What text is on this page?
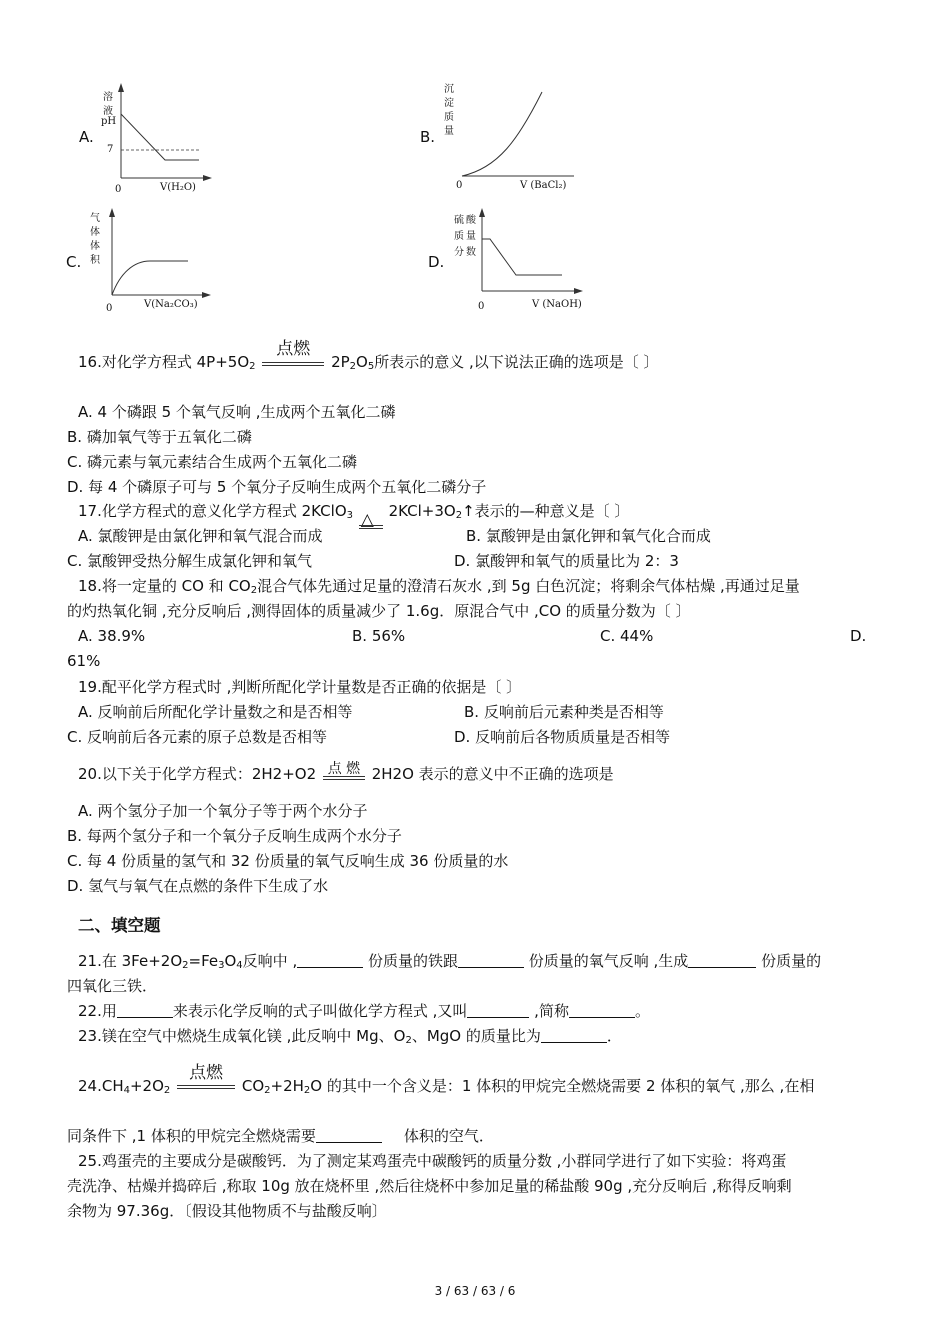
A.
溶
液
pH
7
0	V(H₂O)
B.
沉
淀
质
量
0	V (BaCl₂)
C.
气
体
体
积
0	V(Na₂CO₃)
D.
硫 酸
质 量
分 数
0	V (NaOH)
16.对化学方程式 $4P+5O_2$
点燃
$2P_2O_5$所表示的意义 ,以下说法正确的选项是〔 〕
A. 4 个磷跟 5 个氧气反响 ,生成两个五氧化二磷
B. 磷加氧气等于五氧化二磷
C. 磷元素与氧元素结合生成两个五氧化二磷
D. 每 4 个磷原子可与 5 个氧分子反响生成两个五氧化二磷分子
17.化学方程式的意义化学方程式 2KClO$_3$ △ $2KCl+3O_2↑$表示的—种意义是〔 〕
A. 氯酸钾是由氯化钾和氧气混合而成	B. 氯酸钾是由氯化钾和氧气化合而成
C. 氯酸钾受热分解生成氯化钾和氧气	D. 氯酸钾和氧气的质量比为 2：3
18.将一定量的 CO 和 $CO_2$混合气体先通过足量的澄清石灰水 ,到 5g 白色沉淀；将剩余气体枯燥 ,再通过足量
的灼热氧化铜 ,充分反响后 ,测得固体的质量减少了 1.6g．原混合气中 ,CO 的质量分数为〔 〕
A. 38.9%	B. 56%	C. 44%	D.
61%
19.配平化学方程式时 ,判断所配化学计量数是否正确的依据是〔 〕
A. 反响前后所配化学计量数之和是否相等	B. 反响前后元素种类是否相等
C. 反响前后各元素的原子总数是否相等	D. 反响前后各物质质量是否相等
20.以下关于化学方程式：2H2+O2 点 燃 2H2O 表示的意义中不正确的选项是
A. 两个氢分子加一个氧分子等于两个水分子
B. 每两个氢分子和一个氧分子反响生成两个水分子
C. 每 4 份质量的氢气和 32 份质量的氧气反响生成 36 份质量的水
D. 氢气与氧气在点燃的条件下生成了水
二、填空题
21.在 $3Fe+2O_2=Fe_3O_4$反响中 ,	份质量的铁跟	份质量的氧气反响 ,生成	份质量的
四氧化三铁．
22.用	来表示化学反响的式子叫做化学方程式 ,又叫	,简称	。
23.镁在空气中燃烧生成氧化镁 ,此反响中 Mg、$O_2$、MgO 的质量比为	．
$24.CH_4+2O_2$
点燃
$CO_2+2H_2O$ 的其中一个含义是：1 体积的甲烷完全燃烧需要 2 体积的氧气 ,那么 ,在相
同条件下 ,1 体积的甲烷完全燃烧需要	体积的空气．
25.鸡蛋壳的主要成分是碳酸钙．为了测定某鸡蛋壳中碳酸钙的质量分数 ,小群同学进行了如下实验：将鸡蛋
壳洗净、枯燥并捣碎后 ,称取 10g 放在烧杯里 ,然后往烧杯中参加足量的稀盐酸 90g ,充分反响后 ,称得反响剩
余物为 97.36g．〔假设其他物质不与盐酸反响〕
3 / 63 / 63 / 6
